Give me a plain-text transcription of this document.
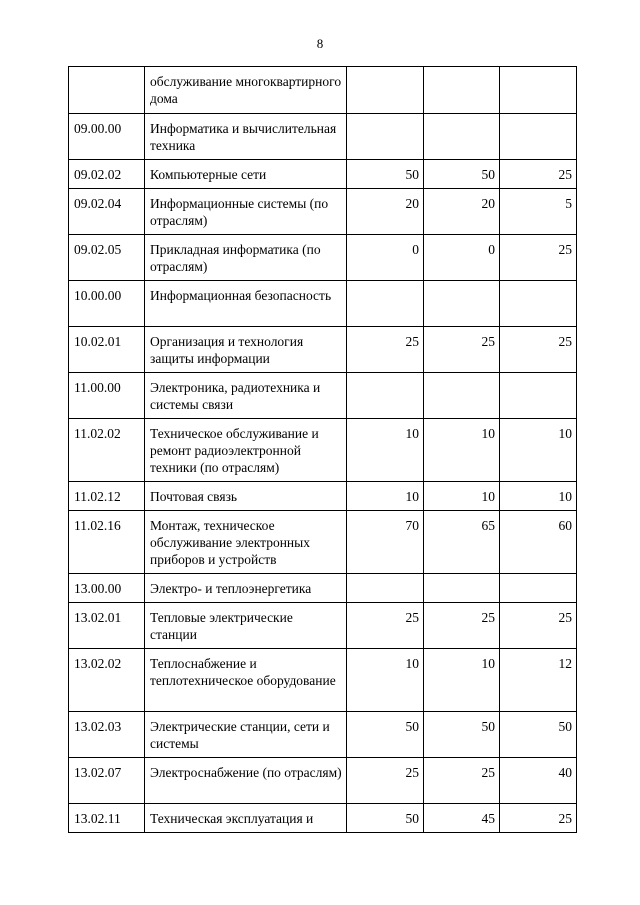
8
	обслуживание многоквартирного дома			
09.00.00	Информатика и вычислительная техника			
09.02.02	Компьютерные сети	50	50	25
09.02.04	Информационные системы (по отраслям)	20	20	5
09.02.05	Прикладная информатика (по отраслям)	0	0	25
10.00.00	Информационная безопасность			
10.02.01	Организация и технология защиты информации	25	25	25
11.00.00	Электроника, радиотехника и системы связи			
11.02.02	Техническое обслуживание и ремонт радиоэлектронной техники (по отраслям)	10	10	10
11.02.12	Почтовая связь	10	10	10
11.02.16	Монтаж, техническое обслуживание электронных приборов и устройств	70	65	60
13.00.00	Электро- и теплоэнергетика			
13.02.01	Тепловые электрические станции	25	25	25
13.02.02	Теплоснабжение и теплотехническое оборудование	10	10	12
13.02.03	Электрические станции, сети и системы	50	50	50
13.02.07	Электроснабжение (по отраслям)	25	25	40
13.02.11	Техническая эксплуатация и	50	45	25
